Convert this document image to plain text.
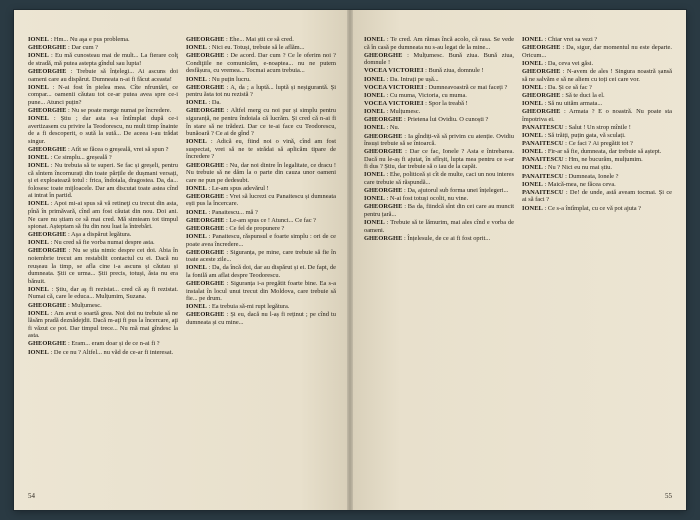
IONEL : Hm... Nu aşa e pus problema.
GHEORGHE : Dar cum ?
IONEL : Eu mă cunosteau mai de mult... La fierare colţ de stradă, mă putea astepta gîndul sau lupta!
GHEORGHE : Trebuie să înțelegi... Ai ascuns doi oameni care au dispărut. Dumneata n-ai fi făcut aceasta!
IONEL : N-ai fost în pielea mea. Cîte nfruntări, ce compar... oamenii căutau tot ce-ar putea avea spre ce-i pune... Atunci puțin?
GHEORGHE : Nu se poate merge numai pe încredere.
IONEL : Știu ; dar asta s-a întîmplat după ce-i avertizasem cu privire la Teodorescu, nu mult timp înainte de a fi descoperit, o sută la sută... De aceea i-au trădat singur.
GHEORGHE : Atît se făcea o greșeală, vrei să spun ?
IONEL : Ce simplu... greșeală ?
IONEL : Nu trebuia să te superi. Se fac și greșeli, pentru că sîntem încornurați din toate părțile de dușmani versați, și ei exploatează totul : frica, îndoiala, dragostea. Da, da... folosesc toate mijloacele. Dar am discutat toate astea cînd ai intrat în partid.
IONEL : Apoi mi-ai spus să vă retineţi cu trecut din asta, pînă în primăvară, cînd am fost căutat din nou. Doi ani. Ne care nu știam ce să mai cred. Mă simteam tot timpul spionat. Așteptam să fiu din nou luat la întrebări.
GHEORGHE : Aşa a dispărut legătura.
IONEL : Nu cred să fie vorba numai despre asta.
GHEORGHE : Nu se știa nimic despre cei doi. Abia în noiembrie trecut am restabilit contactul cu ei. Dacă nu reușeau la timp, se afla cine i-a ascuns și căutau și dumneata. Știi ce urma... Știi precis, totuși, ăsta nu era bănuit.
IONEL : Știu, dar aş fi rezistat... cred că aş fi rezistat. Numai că, care le educa... Mulțumim, Suzana.
GHEORGHE : Mulțumesc.
IONEL : Am avut o soartă grea. Noi doi nu trebuie să ne lăsăm pradă deznădejdii. Dacă m-aţi fi pus la încercare, aţi fi văzut ce pot. Dar timpul trece... Nu mă mai gîndesc la asta.
GHEORGHE : Eram... eram doar și de ce n-ai fi ?
IONEL : De ce nu ? Altfel... nu văd de ce-ar fi interesat.
GHEORGHE : Ehe... Mai știi ce să cred.
IONEL : Nici eu. Totuși, trebuie să le aflăm...
GHEORGHE : De acord. Dar cum ? Ce le oferim noi ? Condiţiile ne comunicăm, e-noaptea... nu ne putem desfășura, cu vremea... Tocmai acum trebuia...
IONEL : Nu puțin lucru.
GHEORGHE : A, da ; a luptă... luptă și neșigurantă. Și pentru ăsta tot nu rezistă ?
IONEL : Da.
GHEORGHE : Altfel merg cu noi pur și simplu pentru siguranță, ne pentru îndoiala că lucrăm. Și cred că n-ai fi în stare să ne trădezi. Dar ce te-ai face cu Teodorescu, bunăoară ? Ce ai de gînd ?
IONEL : Adică eu, fiind noi o vină, cînd am fost suspectat, vrei să ne te strădai să aplicăm tipare de încredere ?
GHEORGHE : Nu, dar noi dintre în legalitate, ce dracu ! Nu trebuie să ne dăm la o parte din cauza unor oameni care ne pun pe dedesubt.
IONEL : Le-am spus adevărul !
GHEORGHE : Vrei să lucrezi cu Panaitescu și dumneata ești pus la încercare.
IONEL : Panaitescu... mă ?
GHEORGHE : Le-am spus ce ! Atunci... Ce fac ?
GHEORGHE : Ce fel de propunere ?
IONEL : Panaitescu, răspunsul e foarte simplu : ori de ce poate avea încredere...
GHEORGHE : Siguranța, pe mine, care trebuie să fie în toate aceste zile...
IONEL : Da, da încă doi, dar au dispărut și ei. De fapt, de la fonilă am aflat despre Teodorescu.
GHEORGHE : Siguranța i-a pregătit foarte bine. Ea s-a instalat în locul unui trecut din Moldova, care trebuie să fie... pe drum.
IONEL : Ea trebuia să-mi rupt legătura.
GHEORGHE : Și eu, dacă nu l-aș fi reținut ; pe cînd tu dumneata și cu mine...
54
IONEL : Te cred. Am rămas încă acolo, că rasa. Se vede că în casă pe dumneata nu s-au legat de la mine...
GHEORGHE : Mulțumesc. Bună ziua. Bună ziua, domnule !
VOCEA VICTORIEI : Bună ziua, domnule !
IONEL : Da. Intrați pe ușă...
VOCEA VICTORIEI : Dumneavoastră ce mai faceți ?
IONEL : Cu muma, Victoria, cu muma.
VOCEA VICTORIEI : Spor la treabă !
IONEL : Mulțumesc.
GHEORGHE : Prietena lui Ovidiu. O cunoști ?
IONEL : Nu.
GHEORGHE : Ia gîndiți-vă să privim cu atenție. Ovidiu însuși trebuie să se întoarcă.
GHEORGHE : Dar ce fac, Ionele ? Asta e întrebarea. Dacă nu le-aș fi ajutat, în sfîrșit, lupta mea pentru ce s-ar fi dus ? Știu, dar trebuie să o iau de la capăt.
IONEL : Ehe, politiceă și cît de multe, caci un nou interes care trebuie să răspundă...
GHEORGHE : Da, ajutorul sub forma unei înțelegeri...
IONEL : N-ai fost totuși ocolit, nu vine.
GHEORGHE : Ba da, fiindcă sînt din cei care au muncit pentru țară...
IONEL : Trebuie să te lămurim, mai ales cînd e vorba de oameni.
GHEORGHE : Înțelesule, de ce ai fi fost oprit...
IONEL : Chiar vrei sa vezi ?
GHEORGHE : Da, sigur, dar momentul nu este departe. Oricum...
IONEL : Da, ceva vei găsi.
GHEORGHE : N-avem de ales ! Singura noastră șansă să ne salvăm e să ne aliem cu toți cei care vor.
IONEL : Da. Și ce să fac ?
GHEORGHE : Să te duci la el.
IONEL : Să nu uităm armata...
GHEORGHE : Armata ? E o noastră. Nu poate sta împotriva ei.
PANAITESCU : Salut ! Un strop mînile !
IONEL : Să trăiți, puțin gata, vă sculați.
PANAITESCU : Ce faci ? Ai pregătit tot ?
IONEL : Fir-ar să fie, dumneata, dar trebuie să aștept.
PANAITESCU : Hm, ne bucurăm, mulțumim.
IONEL : Nu ? Nici eu nu mai știu.
PANAITESCU : Dumneata, Ionele ?
IONEL : Maică-mea, ne făcea ceva.
PANAITESCU : De! de unde, astă aveam tocmai. Și ce ai să faci ?
IONEL : Ce s-a întîmplat, cu ce vă pot ajuta ?
55
